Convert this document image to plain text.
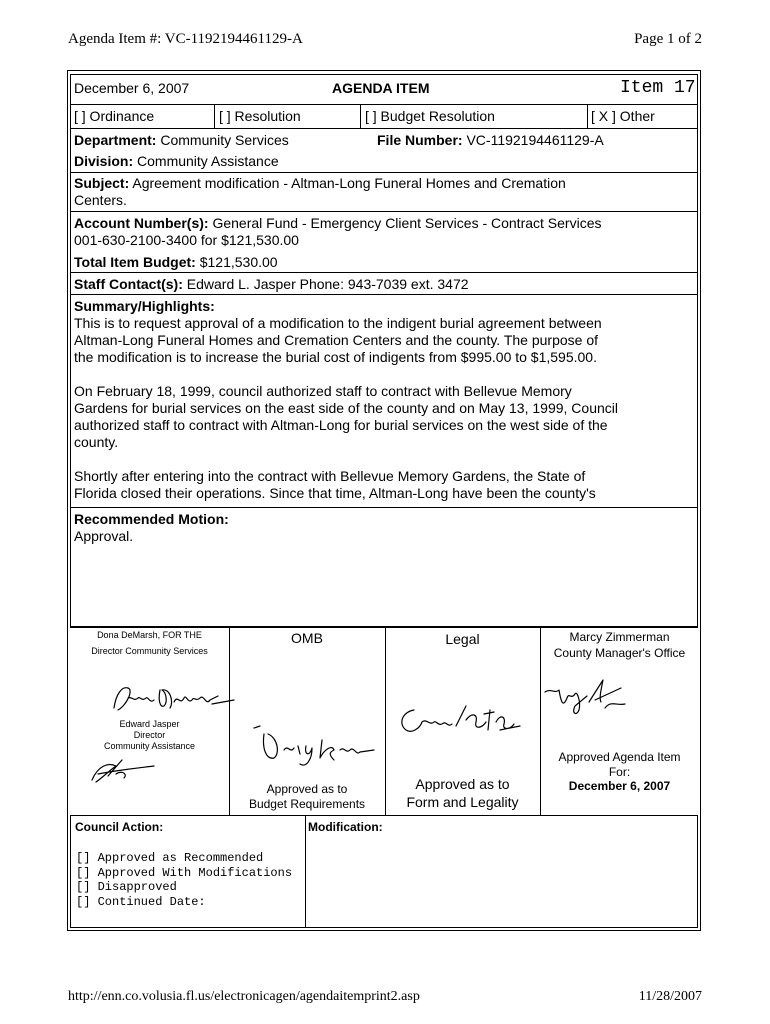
Agenda Item #: VC-1192194461129-A	Page 1 of 2
December 6, 2007	AGENDA ITEM	Item 17
[ ] Ordinance	[ ] Resolution	[ ] Budget Resolution	[ X ] Other
Department: Community Services	File Number: VC-1192194461129-A
Division: Community Assistance
Subject: Agreement modification - Altman-Long Funeral Homes and Cremation
Centers.
Account Number(s): General Fund - Emergency Client Services - Contract Services
001-630-2100-3400 for $121,530.00
Total Item Budget: $121,530.00
Staff Contact(s): Edward L. Jasper Phone: 943-7039 ext. 3472
Summary/Highlights:
This is to request approval of a modification to the indigent burial agreement between
Altman-Long Funeral Homes and Cremation Centers and the county. The purpose of
the modification is to increase the burial cost of indigents from $995.00 to $1,595.00.
On February 18, 1999, council authorized staff to contract with Bellevue Memory
Gardens for burial services on the east side of the county and on May 13, 1999, Council
authorized staff to contract with Altman-Long for burial services on the west side of the
county.
Shortly after entering into the contract with Bellevue Memory Gardens, the State of
Florida closed their operations. Since that time, Altman-Long have been the county's
Recommended Motion:
Approval.
Dona DeMarsh, FOR THE
Director Community Services
Edward Jasper
Director
Community Assistance
OMB
Approved as to
Budget Requirements
Legal
Approved as to
Form and Legality
Marcy Zimmerman
County Manager's Office
Approved Agenda Item
For:
December 6, 2007
Council Action:	Modification:
[] Approved as Recommended
[] Approved With Modifications
[] Disapproved
[] Continued Date:
http://enn.co.volusia.fl.us/electronicagen/agendaitemprint2.asp	11/28/2007
